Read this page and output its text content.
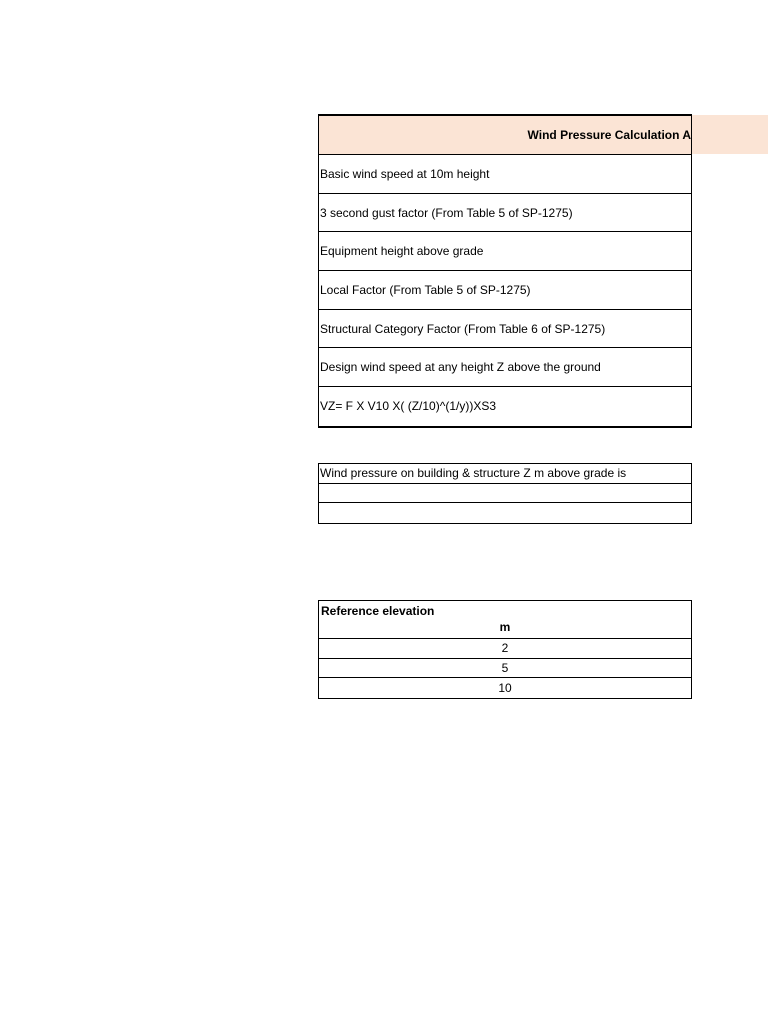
Wind Pressure Calculation A
Basic wind speed at 10m height
3 second gust factor (From Table 5 of SP-1275)
Equipment height above grade
Local Factor (From Table 5 of SP-1275)
Structural Category Factor (From Table 6 of SP-1275)
Design wind speed at any height Z above the ground
VZ= F X V10 X( (Z/10)^(1/y))XS3
Wind pressure on building & structure Z m above grade is
Reference elevation
m
2
5
10
